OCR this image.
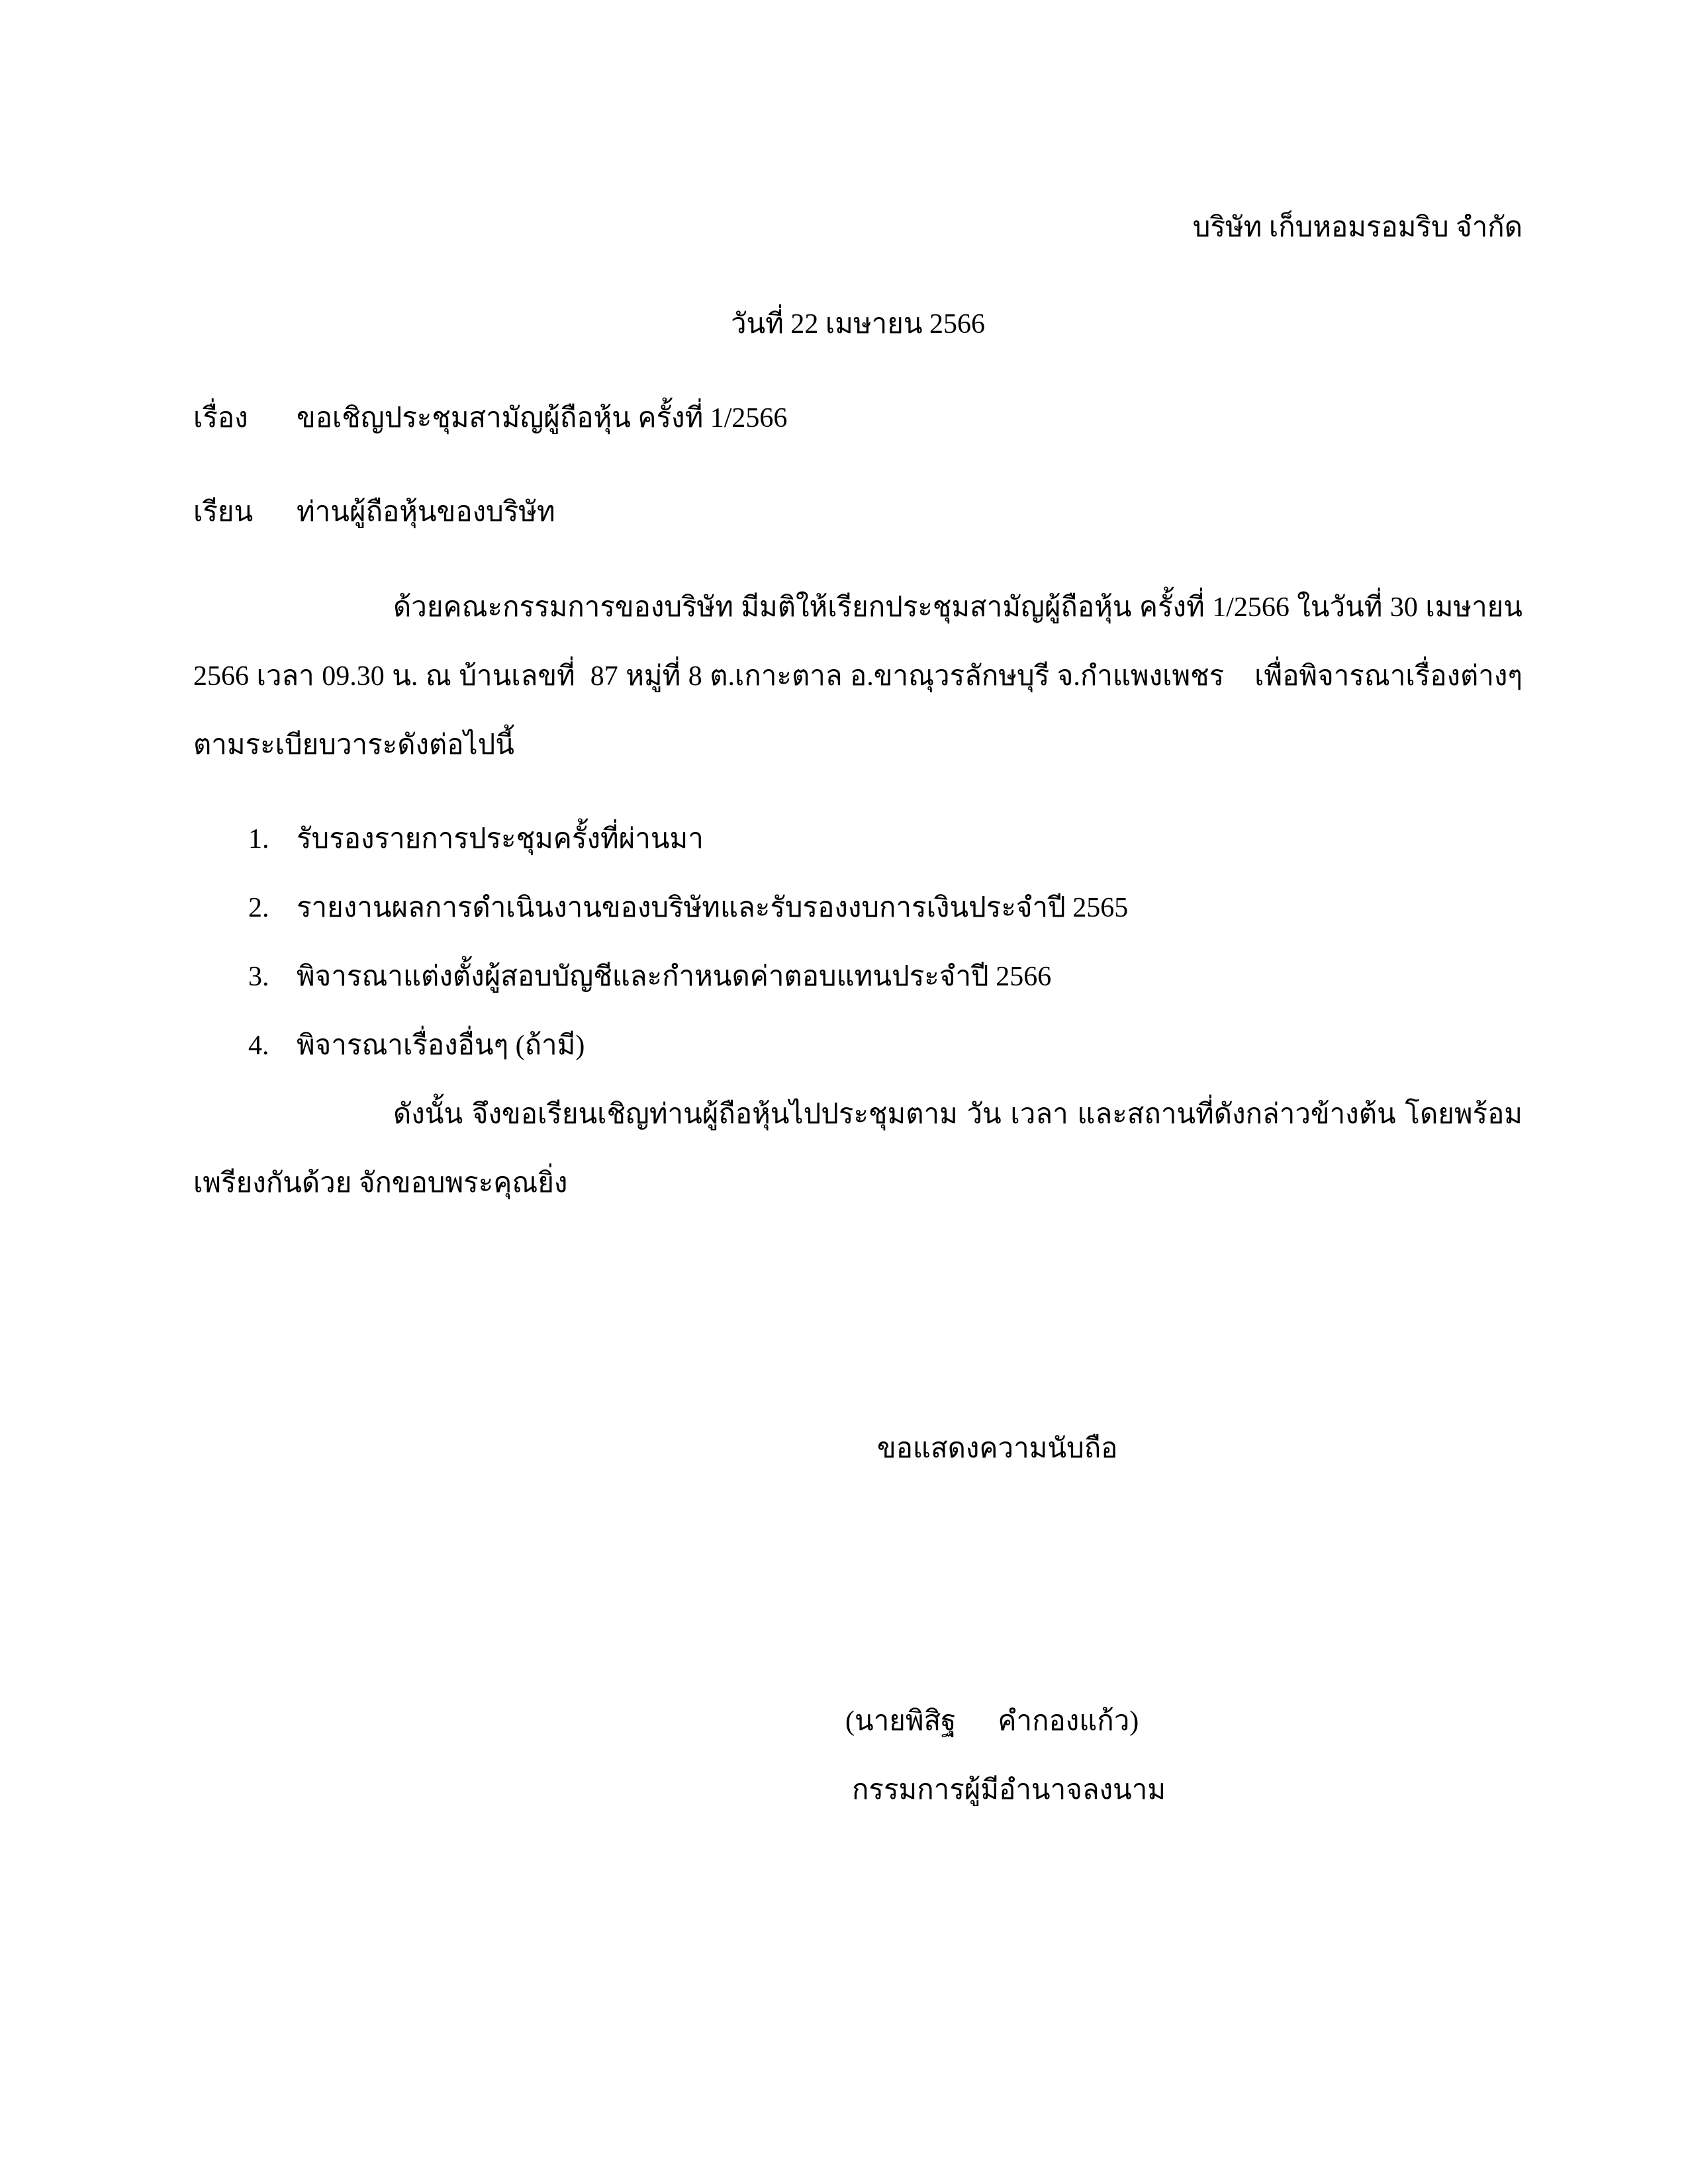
บริษัท เก็บหอมรอมริบ จำกัด
วันที่ 22 เมษายน 2566
เรื่อง	ขอเชิญประชุมสามัญผู้ถือหุ้น ครั้งที่ 1/2566
เรียน	ท่านผู้ถือหุ้นของบริษัท
ด้วยคณะกรรมการของบริษัท มีมติให้เรียกประชุมสามัญผู้ถือหุ้น ครั้งที่ 1/2566 ในวันที่ 30 เมษายน
2566 เวลา 09.30 น. ณ บ้านเลขที่  87 หมู่ที่ 8 ต.เกาะตาล อ.ขาณุวรลักษบุรี จ.กำแพงเพชร    เพื่อพิจารณาเรื่องต่างๆ
ตามระเบียบวาระดังต่อไปนี้
1. รับรองรายการประชุมครั้งที่ผ่านมา
2. รายงานผลการดำเนินงานของบริษัทและรับรองงบการเงินประจำปี 2565
3. พิจารณาแต่งตั้งผู้สอบบัญชีและกำหนดค่าตอบแทนประจำปี 2566
4. พิจารณาเรื่องอื่นๆ (ถ้ามี)
ดังนั้น จึงขอเรียนเชิญท่านผู้ถือหุ้นไปประชุมตาม วัน เวลา และสถานที่ดังกล่าวข้างต้น โดยพร้อม
เพรียงกันด้วย จักขอบพระคุณยิ่ง
ขอแสดงความนับถือ
(นายพิสิฐ      คำกองแก้ว)
กรรมการผู้มีอำนาจลงนาม
